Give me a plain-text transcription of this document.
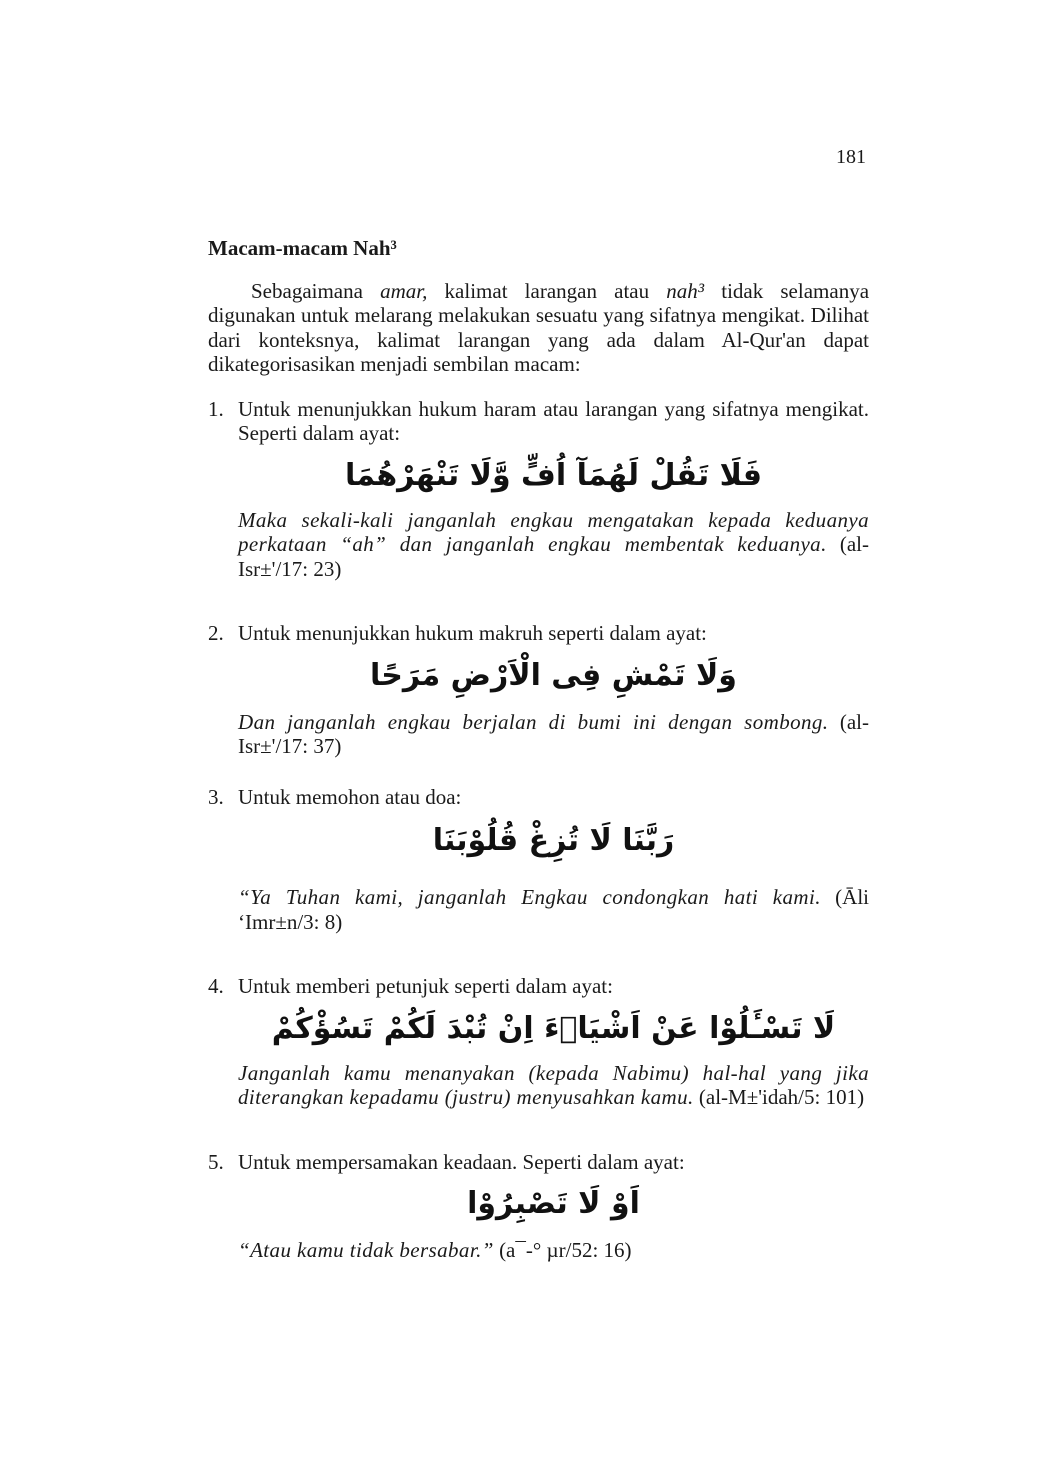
181

Macam-macam Nah³

Sebagaimana amar, kalimat larangan atau nah³ tidak selamanya digunakan untuk melarang melakukan sesuatu yang sifatnya mengikat. Dilihat dari konteksnya, kalimat larangan yang ada dalam Al-Qur'an dapat dikategorisasikan menjadi sembilan macam:

1. Untuk menunjukkan hukum haram atau larangan yang sifatnya mengikat. Seperti dalam ayat:

فَلَا تَقُلْ لَهُمَآ اُفٍّ وَّلَا تَنْهَرْهُمَا

Maka sekali-kali janganlah engkau mengatakan kepada keduanya perkataan “ah” dan janganlah engkau membentak keduanya. (al-Isr±'/17: 23)

2. Untuk menunjukkan hukum makruh seperti dalam ayat:

وَلَا تَمْشِ فِى الْاَرْضِ مَرَحًا

Dan janganlah engkau berjalan di bumi ini dengan sombong. (al-Isr±'/17: 37)

3. Untuk memohon atau doa:

رَبَّنَا لَا تُزِغْ قُلُوْبَنَا

“Ya Tuhan kami, janganlah Engkau condongkan hati kami. (Āli ‘Imr±n/3: 8)

4. Untuk memberi petunjuk seperti dalam ayat:

لَا تَسْـَٔلُوْا عَنْ اَشْيَاۤءَ اِنْ تُبْدَ لَكُمْ تَسُؤْكُمْ

Janganlah kamu menanyakan (kepada Nabimu) hal-hal yang jika diterangkan kepadamu (justru) menyusahkan kamu. (al-M±'idah/5: 101)

5. Untuk mempersamakan keadaan. Seperti dalam ayat:

اَوْ لَا تَصْبِرُوْا

“Atau kamu tidak bersabar.” (a¯-° µr/52: 16)
